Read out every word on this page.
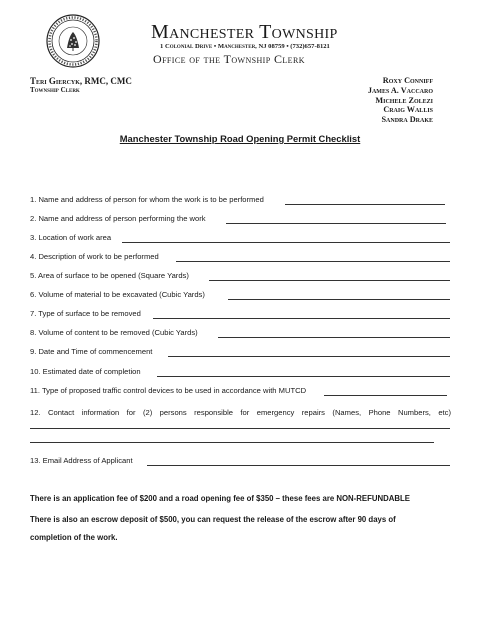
Manchester Township
1 Colonial Drive • Manchester, NJ 08759 • (732)657-8121
Office of the Township Clerk
Teri Giercyk, RMC, CMC
Township Clerk
Roxy Conniff
James A. Vaccaro
Michele Zolezi
Craig Wallis
Sandra Drake
Manchester Township Road Opening Permit Checklist
1. Name and address of person for whom the work is to be performed
2. Name and address of person performing the work
3. Location of work area
4. Description of work to be performed
5. Area of surface to be opened (Square Yards)
6. Volume of material to be excavated (Cubic Yards)
7. Type of surface to be removed
8. Volume of content to be removed (Cubic Yards)
9. Date and Time of commencement
10. Estimated date of completion
11. Type of proposed traffic control devices to be used in accordance with MUTCD
12. Contact information for (2) persons responsible for emergency repairs (Names, Phone Numbers, etc)
13. Email Address of Applicant
There is an application fee of $200 and a road opening fee of $350 – these fees are NON-REFUNDABLE
There is also an escrow deposit of $500, you can request the release of the escrow after 90 days of
completion of the work.
